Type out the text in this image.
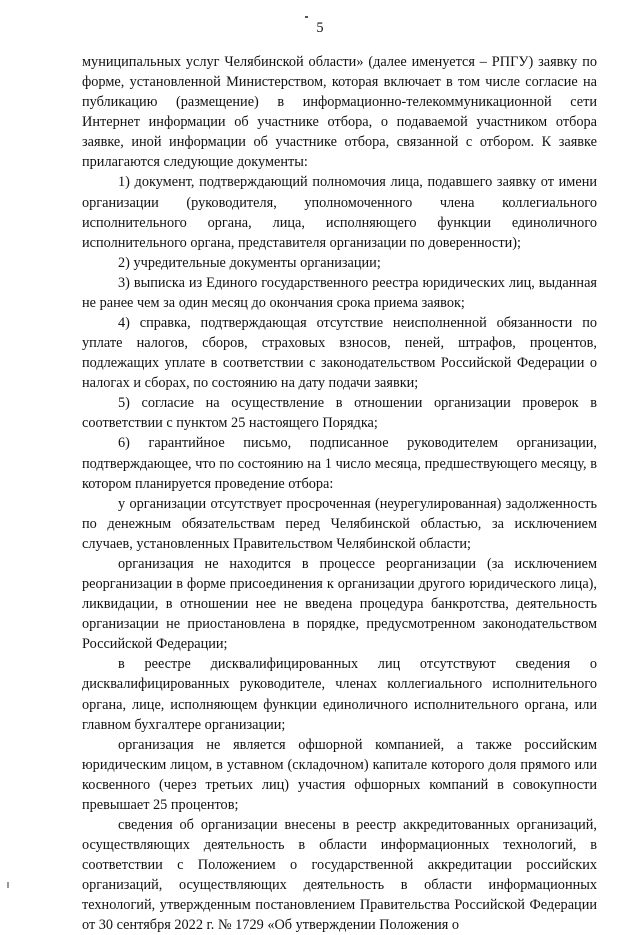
5

муниципальных услуг Челябинской области» (далее именуется – РПГУ) заявку по форме, установленной Министерством, которая включает в том числе согласие на публикацию (размещение) в информационно-телекоммуникационной сети Интернет информации об участнике отбора, о подаваемой участником отбора заявке, иной информации об участнике отбора, связанной с отбором. К заявке прилагаются следующие документы:

1) документ, подтверждающий полномочия лица, подавшего заявку от имени организации (руководителя, уполномоченного члена коллегиального исполнительного органа, лица, исполняющего функции единоличного исполнительного органа, представителя организации по доверенности);

2) учредительные документы организации;

3) выписка из Единого государственного реестра юридических лиц, выданная не ранее чем за один месяц до окончания срока приема заявок;

4) справка, подтверждающая отсутствие неисполненной обязанности по уплате налогов, сборов, страховых взносов, пеней, штрафов, процентов, подлежащих уплате в соответствии с законодательством Российской Федерации о налогах и сборах, по состоянию на дату подачи заявки;

5) согласие на осуществление в отношении организации проверок в соответствии с пунктом 25 настоящего Порядка;

6) гарантийное письмо, подписанное руководителем организации, подтверждающее, что по состоянию на 1 число месяца, предшествующего месяцу, в котором планируется проведение отбора:

у организации отсутствует просроченная (неурегулированная) задолженность по денежным обязательствам перед Челябинской областью, за исключением случаев, установленных Правительством Челябинской области;

организация не находится в процессе реорганизации (за исключением реорганизации в форме присоединения к организации другого юридического лица), ликвидации, в отношении нее не введена процедура банкротства, деятельность организации не приостановлена в порядке, предусмотренном законодательством Российской Федерации;

в реестре дисквалифицированных лиц отсутствуют сведения о дисквалифицированных руководителе, членах коллегиального исполнительного органа, лице, исполняющем функции единоличного исполнительного органа, или главном бухгалтере организации;

организация не является офшорной компанией, а также российским юридическим лицом, в уставном (складочном) капитале которого доля прямого или косвенного (через третьих лиц) участия офшорных компаний в совокупности превышает 25 процентов;

сведения об организации внесены в реестр аккредитованных организаций, осуществляющих деятельность в области информационных технологий, в соответствии с Положением о государственной аккредитации российских организаций, осуществляющих деятельность в области информационных технологий, утвержденным постановлением Правительства Российской Федерации от 30 сентября 2022 г. № 1729 «Об утверждении Положения о
